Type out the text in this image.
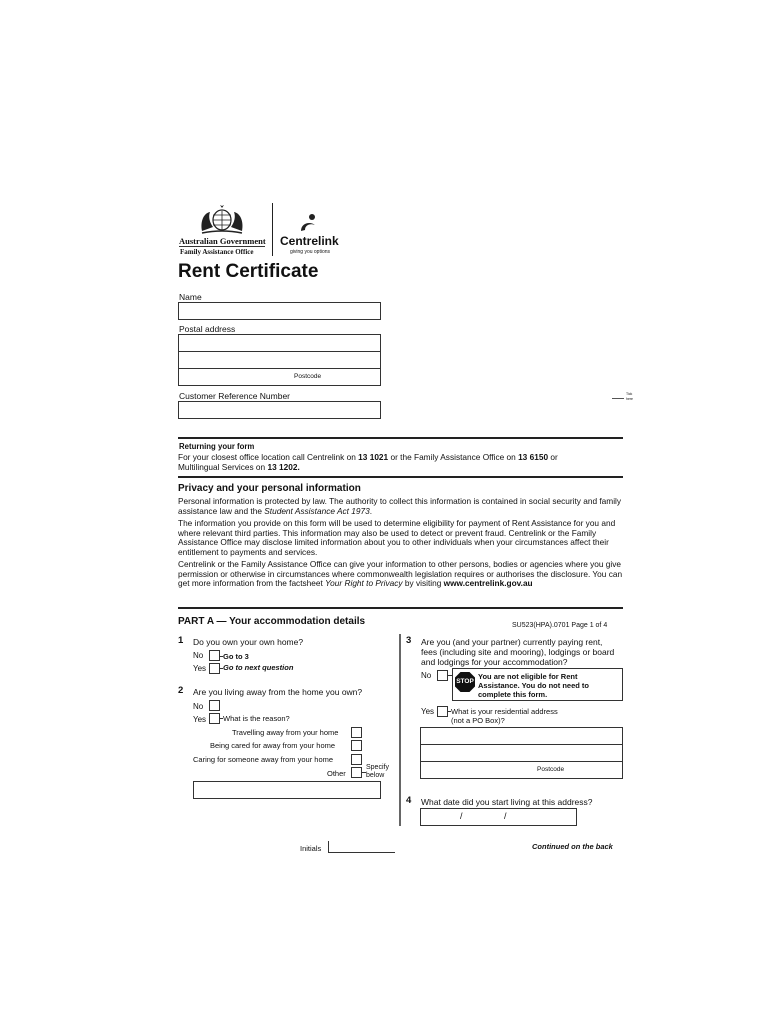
Australian Government
Family Assistance Office
Centrelink
giving you options
Rent Certificate
Name
Postal address
Postcode
Customer Reference Number	Tick
here
Returning your form
For your closest office location call Centrelink on 13 1021 or the Family Assistance Office on 13 6150 or
Multilingual Services on 13 1202.
Privacy and your personal information
Personal information is protected by law. The authority to collect this information is contained in social security and family assistance law and the Student Assistance Act 1973.
The information you provide on this form will be used to determine eligibility for payment of Rent Assistance for you and where relevant third parties. This information may also be used to detect or prevent fraud. Centrelink or the Family Assistance Office may disclose limited information about you to other individuals when your circumstances affect their entitlement to payments and services.
Centrelink or the Family Assistance Office can give your information to other persons, bodies or agencies where you give permission or otherwise in circumstances where commonwealth legislation requires or authorises the disclosure. You can get more information from the factsheet Your Right to Privacy by visiting www.centrelink.gov.au
PART A — Your accommodation details	SU523(HPA).0701 Page 1 of 4
1 Do you own your own home?
No	Go to 3
Yes Go to next question
2 Are you living away from the home you own?
No
Yes What is the reason?
Travelling away from your home
Being cared for away from your home
Caring for someone away from your home
Other
Specify
below
3 Are you (and your partner) currently paying rent,
fees (including site and mooring), lodgings or board
and lodgings for your accommodation?
No
STOP
You are not eligible for Rent
Assistance. You do not need to
complete this form.
Yes What is your residential address
(not a PO Box)?
Postcode
4 What date did you start living at this address?
/	/
Initials	Continued on the back
